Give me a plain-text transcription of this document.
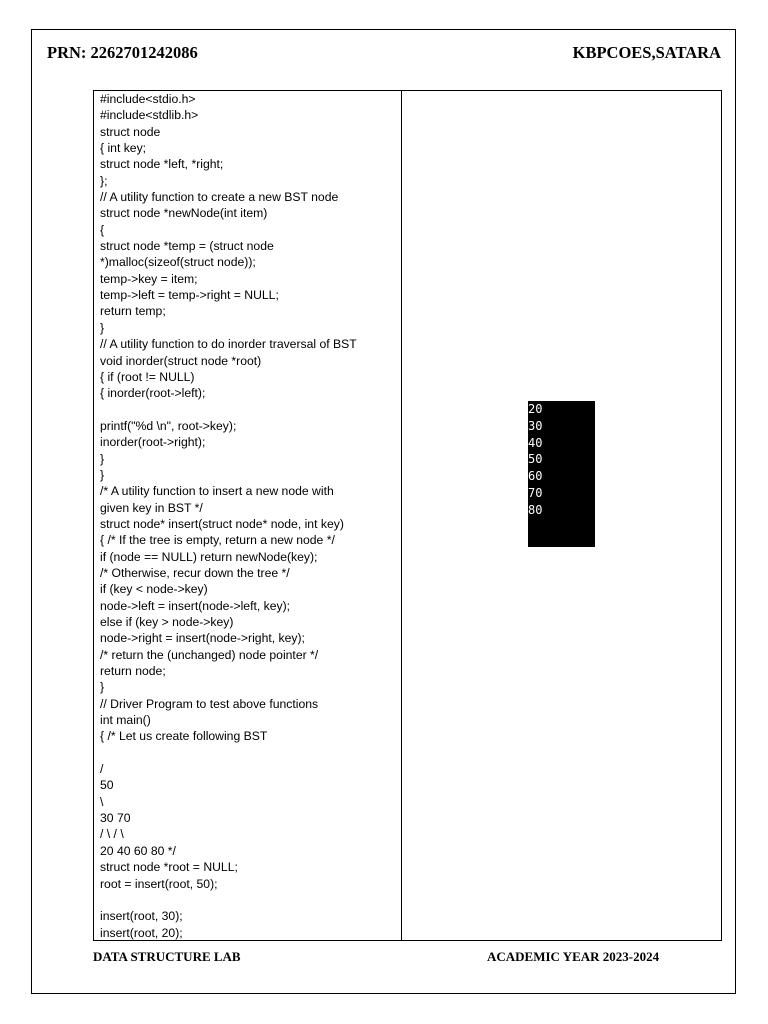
PRN: 2262701242086	KBPCOES,SATARA
#include<stdio.h>
#include<stdlib.h>
struct node
{ int key;
struct node *left, *right;
};
// A utility function to create a new BST node
struct node *newNode(int item)
{
struct node *temp = (struct node
*)malloc(sizeof(struct node));
temp->key = item;
temp->left = temp->right = NULL;
return temp;
}
// A utility function to do inorder traversal of BST
void inorder(struct node *root)
{ if (root != NULL)
{ inorder(root->left);
printf("%d \n", root->key);
inorder(root->right);
}
}
/* A utility function to insert a new node with
given key in BST */
struct node* insert(struct node* node, int key)
{ /* If the tree is empty, return a new node */
if (node == NULL) return newNode(key);
/* Otherwise, recur down the tree */
if (key < node->key)
node->left = insert(node->left, key);
else if (key > node->key)
node->right = insert(node->right, key);
/* return the (unchanged) node pointer */
return node;
}
// Driver Program to test above functions
int main()
{ /* Let us create following BST
/
50
\
30 70
/ \ / \
20 40 60 80 */
struct node *root = NULL;
root = insert(root, 50);
insert(root, 30);
insert(root, 20);
20
30
40
50
60
70
80
DATA STRUCTURE LAB	ACADEMIC YEAR 2023-2024
